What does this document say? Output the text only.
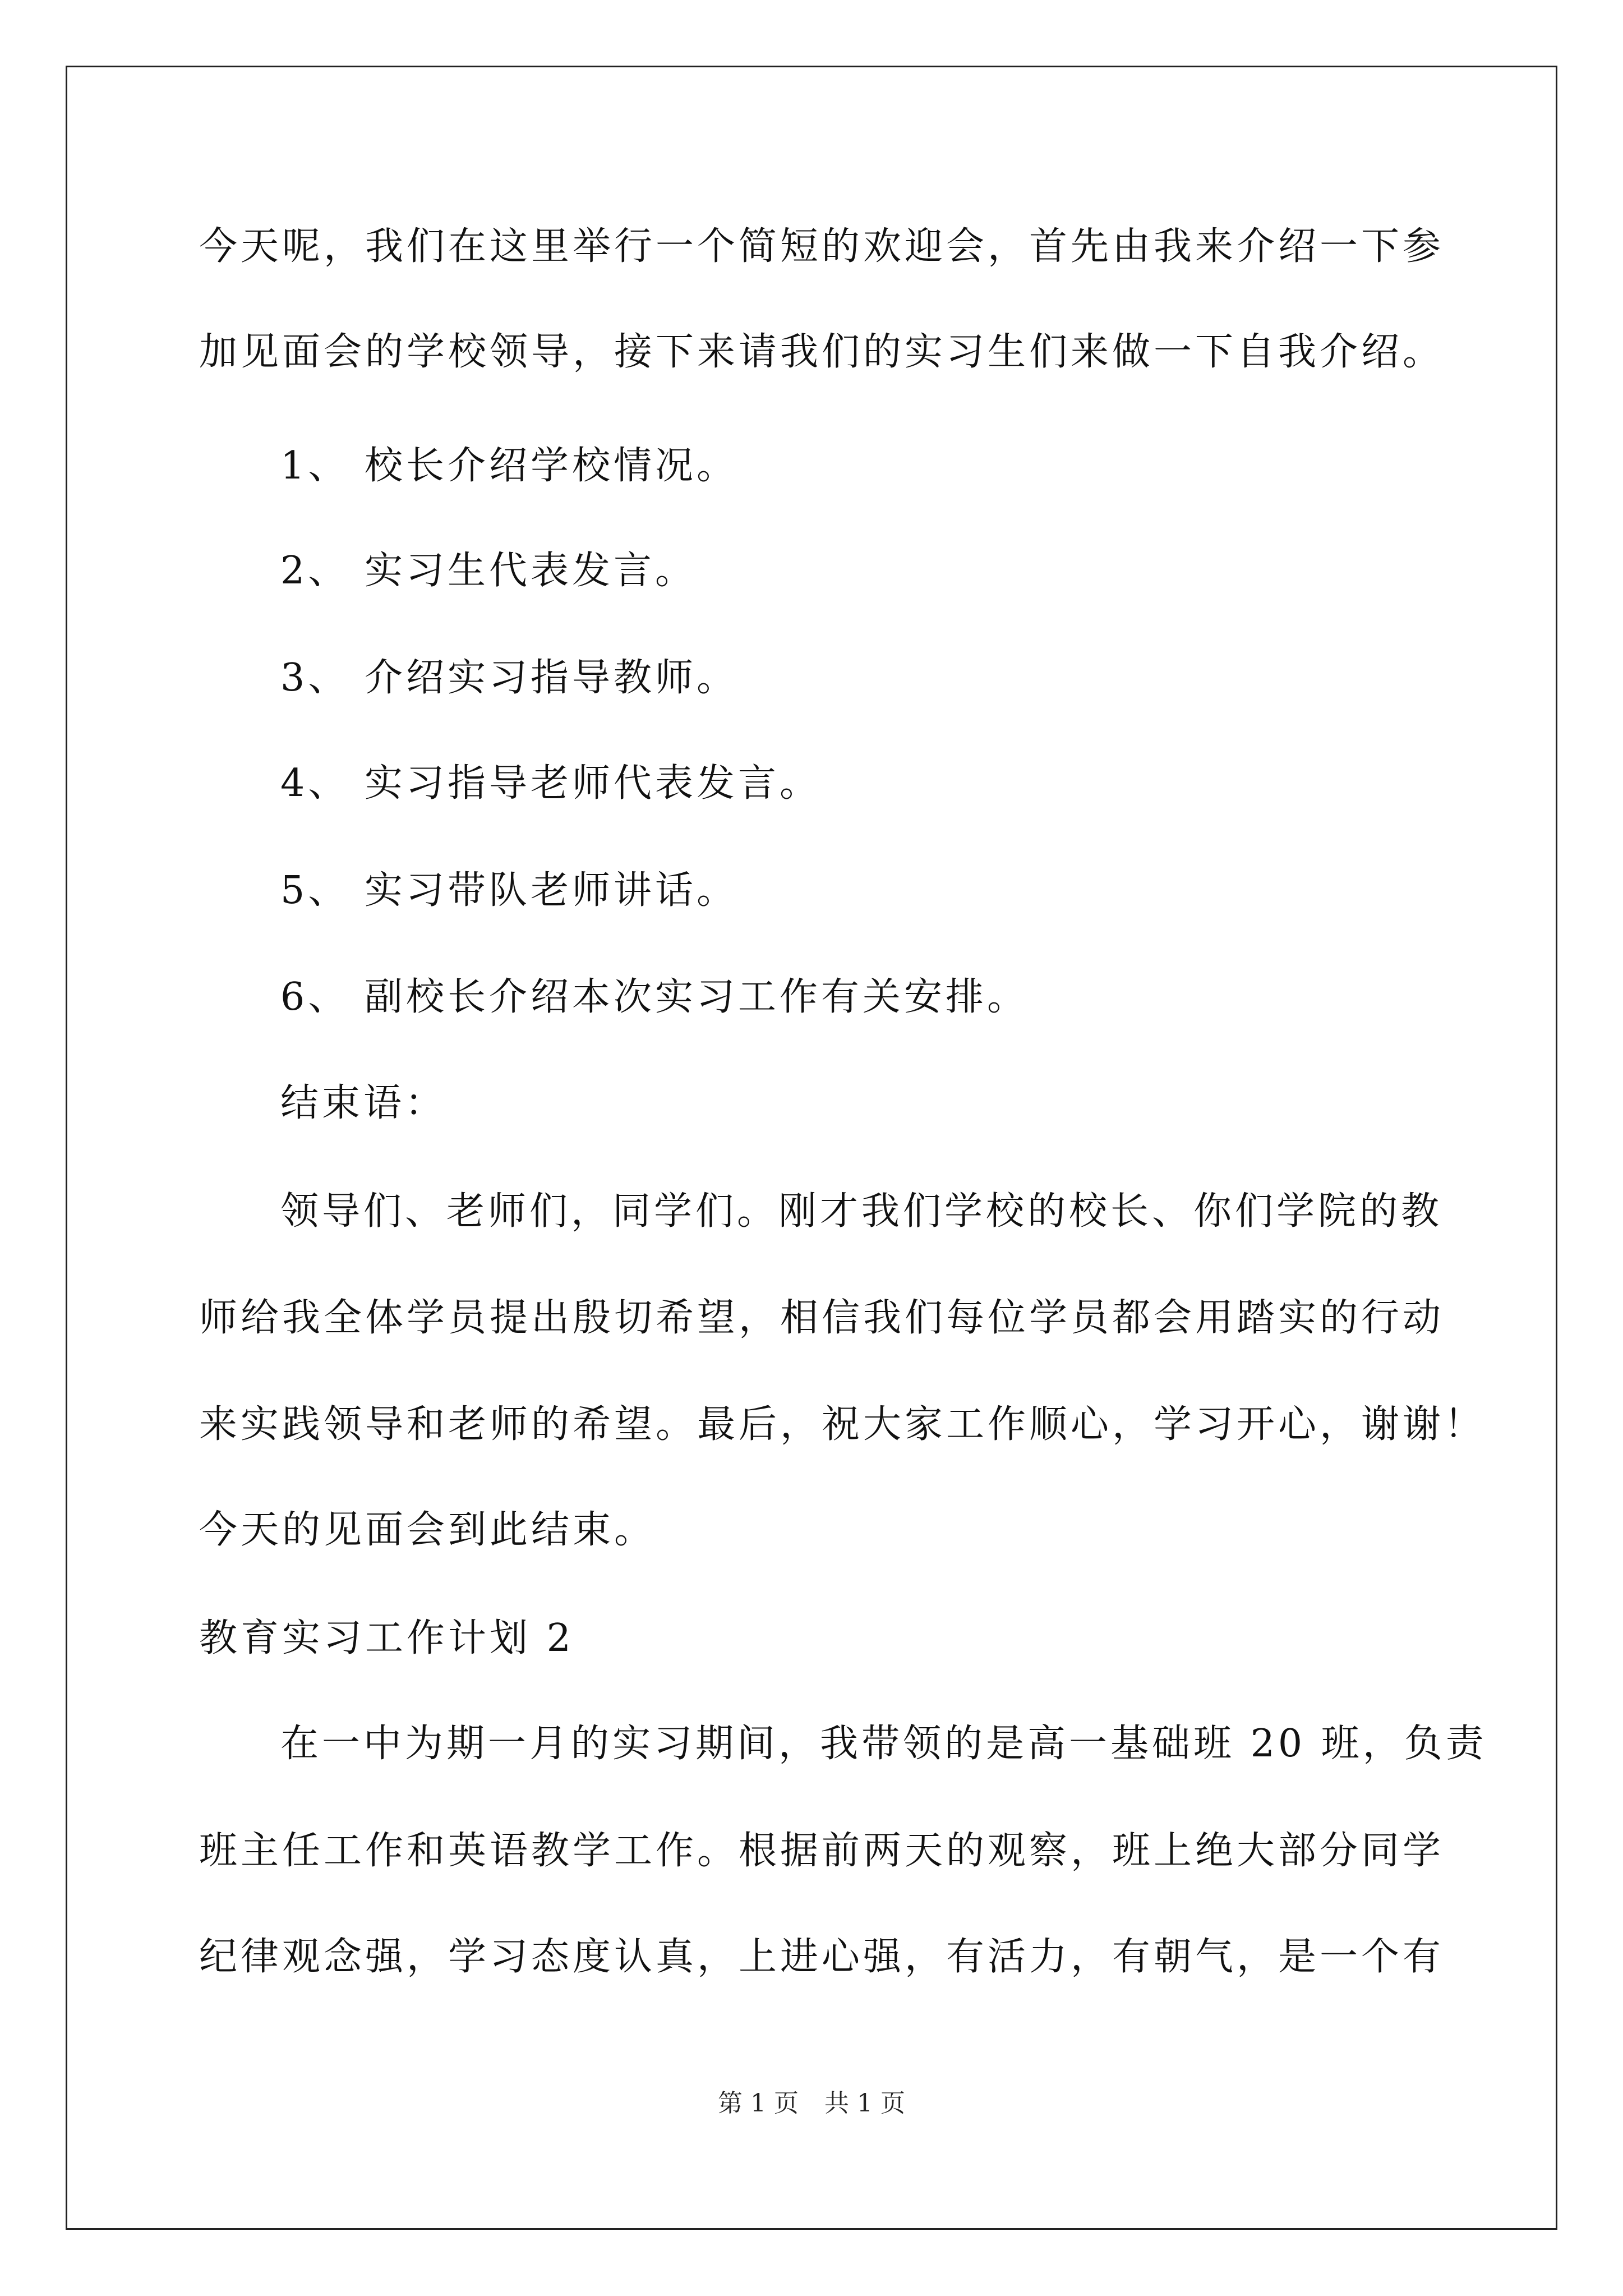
今天呢，我们在这里举行一个简短的欢迎会，首先由我来介绍一下参
加见面会的学校领导，接下来请我们的实习生们来做一下自我介绍。
1、 校长介绍学校情况。
2、 实习生代表发言。
3、 介绍实习指导教师。
4、 实习指导老师代表发言。
5、 实习带队老师讲话。
6、 副校长介绍本次实习工作有关安排。
结束语：
领导们、老师们，同学们。刚才我们学校的校长、你们学院的教
师给我全体学员提出殷切希望，相信我们每位学员都会用踏实的行动
来实践领导和老师的希望。最后，祝大家工作顺心，学习开心，谢谢！
今天的见面会到此结束。
教育实习工作计划 2
在一中为期一月的实习期间，我带领的是高一基础班 20 班，负责
班主任工作和英语教学工作。根据前两天的观察，班上绝大部分同学
纪律观念强，学习态度认真，上进心强，有活力，有朝气，是一个有
第 1 页 共 1 页
